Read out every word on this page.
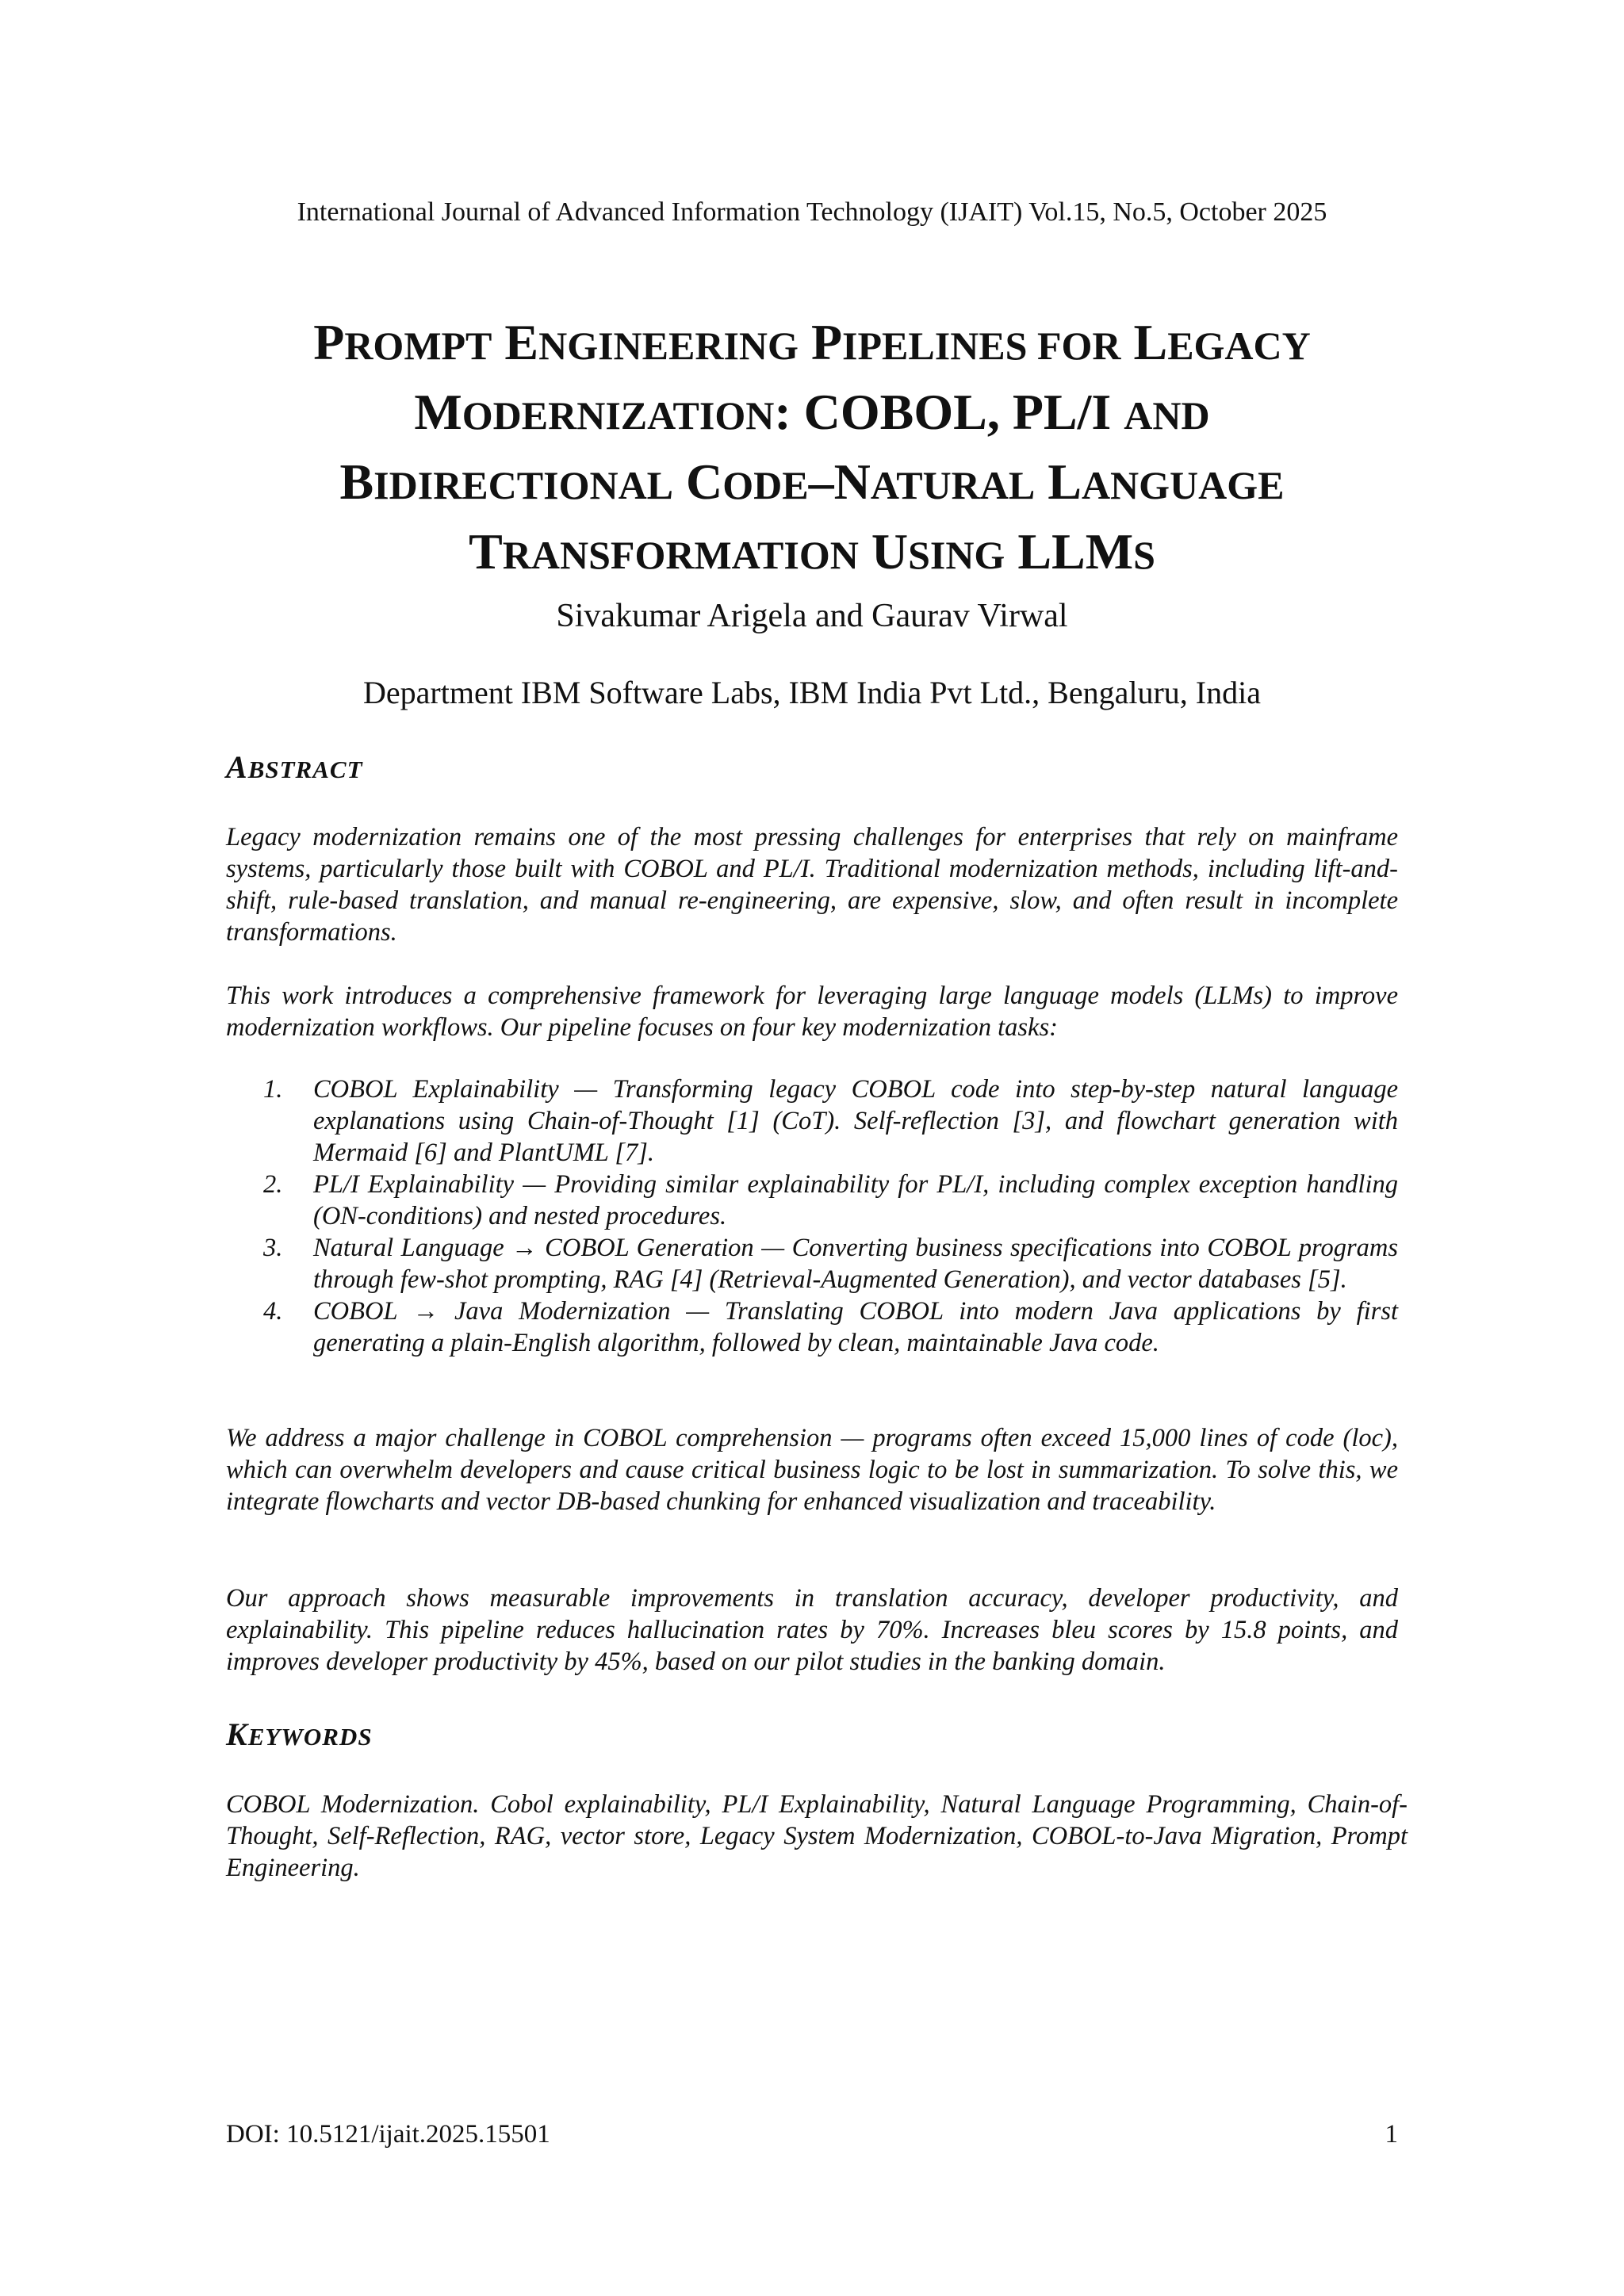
International Journal of Advanced Information Technology (IJAIT) Vol.15, No.5, October 2025
PROMPT ENGINEERING PIPELINES FOR LEGACY
MODERNIZATION: COBOL, PL/I AND
BIDIRECTIONAL CODE–NATURAL LANGUAGE
TRANSFORMATION USING LLMS
Sivakumar Arigela and Gaurav Virwal
Department IBM Software Labs, IBM India Pvt Ltd., Bengaluru, India
ABSTRACT

Legacy modernization remains one of the most pressing challenges for enterprises that rely on mainframe systems, particularly those built with COBOL and PL/I. Traditional modernization methods, including lift-and-shift, rule-based translation, and manual re-engineering, are expensive, slow, and often result in incomplete transformations.

This work introduces a comprehensive framework for leveraging large language models (LLMs) to improve modernization workflows. Our pipeline focuses on four key modernization tasks:

1. COBOL Explainability — Transforming legacy COBOL code into step-by-step natural language explanations using Chain-of-Thought [1] (CoT). Self-reflection [3], and flowchart generation with Mermaid [6] and PlantUML [7].
2. PL/I Explainability — Providing similar explainability for PL/I, including complex exception handling (ON-conditions) and nested procedures.
3. Natural Language → COBOL Generation — Converting business specifications into COBOL programs through few-shot prompting, RAG [4] (Retrieval-Augmented Generation), and vector databases [5].
4. COBOL → Java Modernization — Translating COBOL into modern Java applications by first generating a plain-English algorithm, followed by clean, maintainable Java code.

We address a major challenge in COBOL comprehension — programs often exceed 15,000 lines of code (loc), which can overwhelm developers and cause critical business logic to be lost in summarization. To solve this, we integrate flowcharts and vector DB-based chunking for enhanced visualization and traceability.

Our approach shows measurable improvements in translation accuracy, developer productivity, and explainability. This pipeline reduces hallucination rates by 70%. Increases bleu scores by 15.8 points, and improves developer productivity by 45%, based on our pilot studies in the banking domain.

KEYWORDS

COBOL Modernization. Cobol explainability, PL/I Explainability, Natural Language Programming, Chain-of-Thought, Self-Reflection, RAG, vector store, Legacy System Modernization, COBOL-to-Java Migration, Prompt Engineering.

DOI: 10.5121/ijait.2025.15501	1
